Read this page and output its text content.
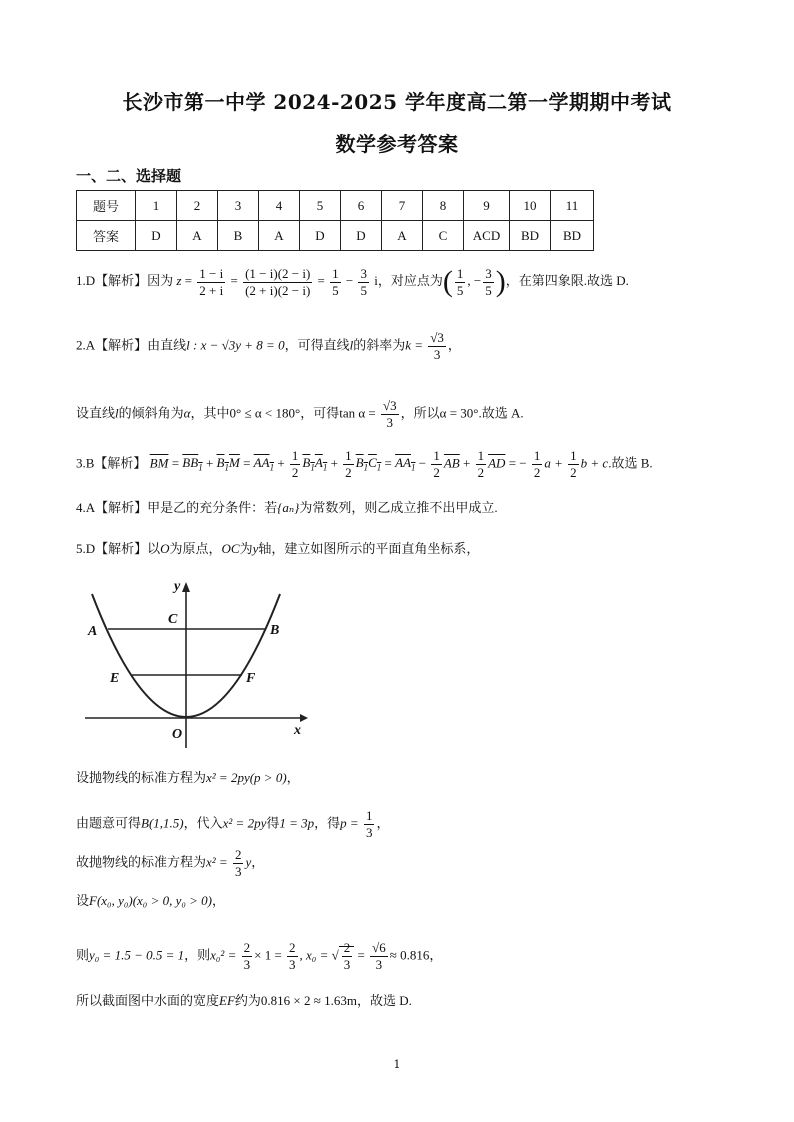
长沙市第一中学 2024-2025 学年度高二第一学期期中考试
数学参考答案
一、二、选择题
题号	1	2	3	4	5	6	7	8	9	10	11
答案	D	A	B	A	D	D	A	C	ACD	BD	BD
1.D【解析】因为 $z = \frac{1 - i}{2 + i} = \frac{(1 - i)(2 - i)}{(2 + i)(2 - i)} = \frac{1}{5} - \frac{3}{5}$ i，对应点为( $\frac{1}{5}$ , − $\frac{3}{5}$ )，在第四象限.故选 D.
2.A【解析】由直线l : x − √3y + 8 = 0，可得直线l的斜率为$k = \frac{√3}{3}$ ，
设直线l的倾斜角为α，其中0° ≤ α < 180°，可得$\tan \alpha = \frac{√3}{3}$ ，所以α = 30°.故选 A.
3.B【解析】 $\overline{BM} = BB_1 + B_1M = AA_1 + \frac{1}{2} B_1A_1 + \frac{1}{2} B_1C_1 = AA_1 - \frac{1}{2} \overline{AB} + \frac{1}{2} \overline{AD}$ = − $\frac{1}{2}$ $a + \frac{1}{2}$ b + c.故选 B.
4.A【解析】甲是乙的充分条件：若{aₙ}为常数列，则乙成立推不出甲成立.
5.D【解析】以O为原点，OC为y轴，建立如图所示的平面直角坐标系，
y
x
O
A	B
C
E	F
设抛物线的标准方程为x² = 2py(p > 0)，
由题意可得B(1,1.5)，代入x² = 2py得1 = 3p，得$p = \frac{1}{3}$ ，
故抛物线的标准方程为$x^2 = \frac{2}{3}$ y，
设F(x₀, y₀)(x₀ > 0, y₀ > 0)，
则y₀ = 1.5 − 0.5 = 1，则$x_0^2 = \frac{2}{3} \times 1 = \frac{2}{3}$ , x₀ = √ $\frac{2}{3} = \frac{√6}{3} \approx 0.816$，
所以截面图中水面的宽度EF约为0.816 × 2 ≈ 1.63m，故选 D.
1
